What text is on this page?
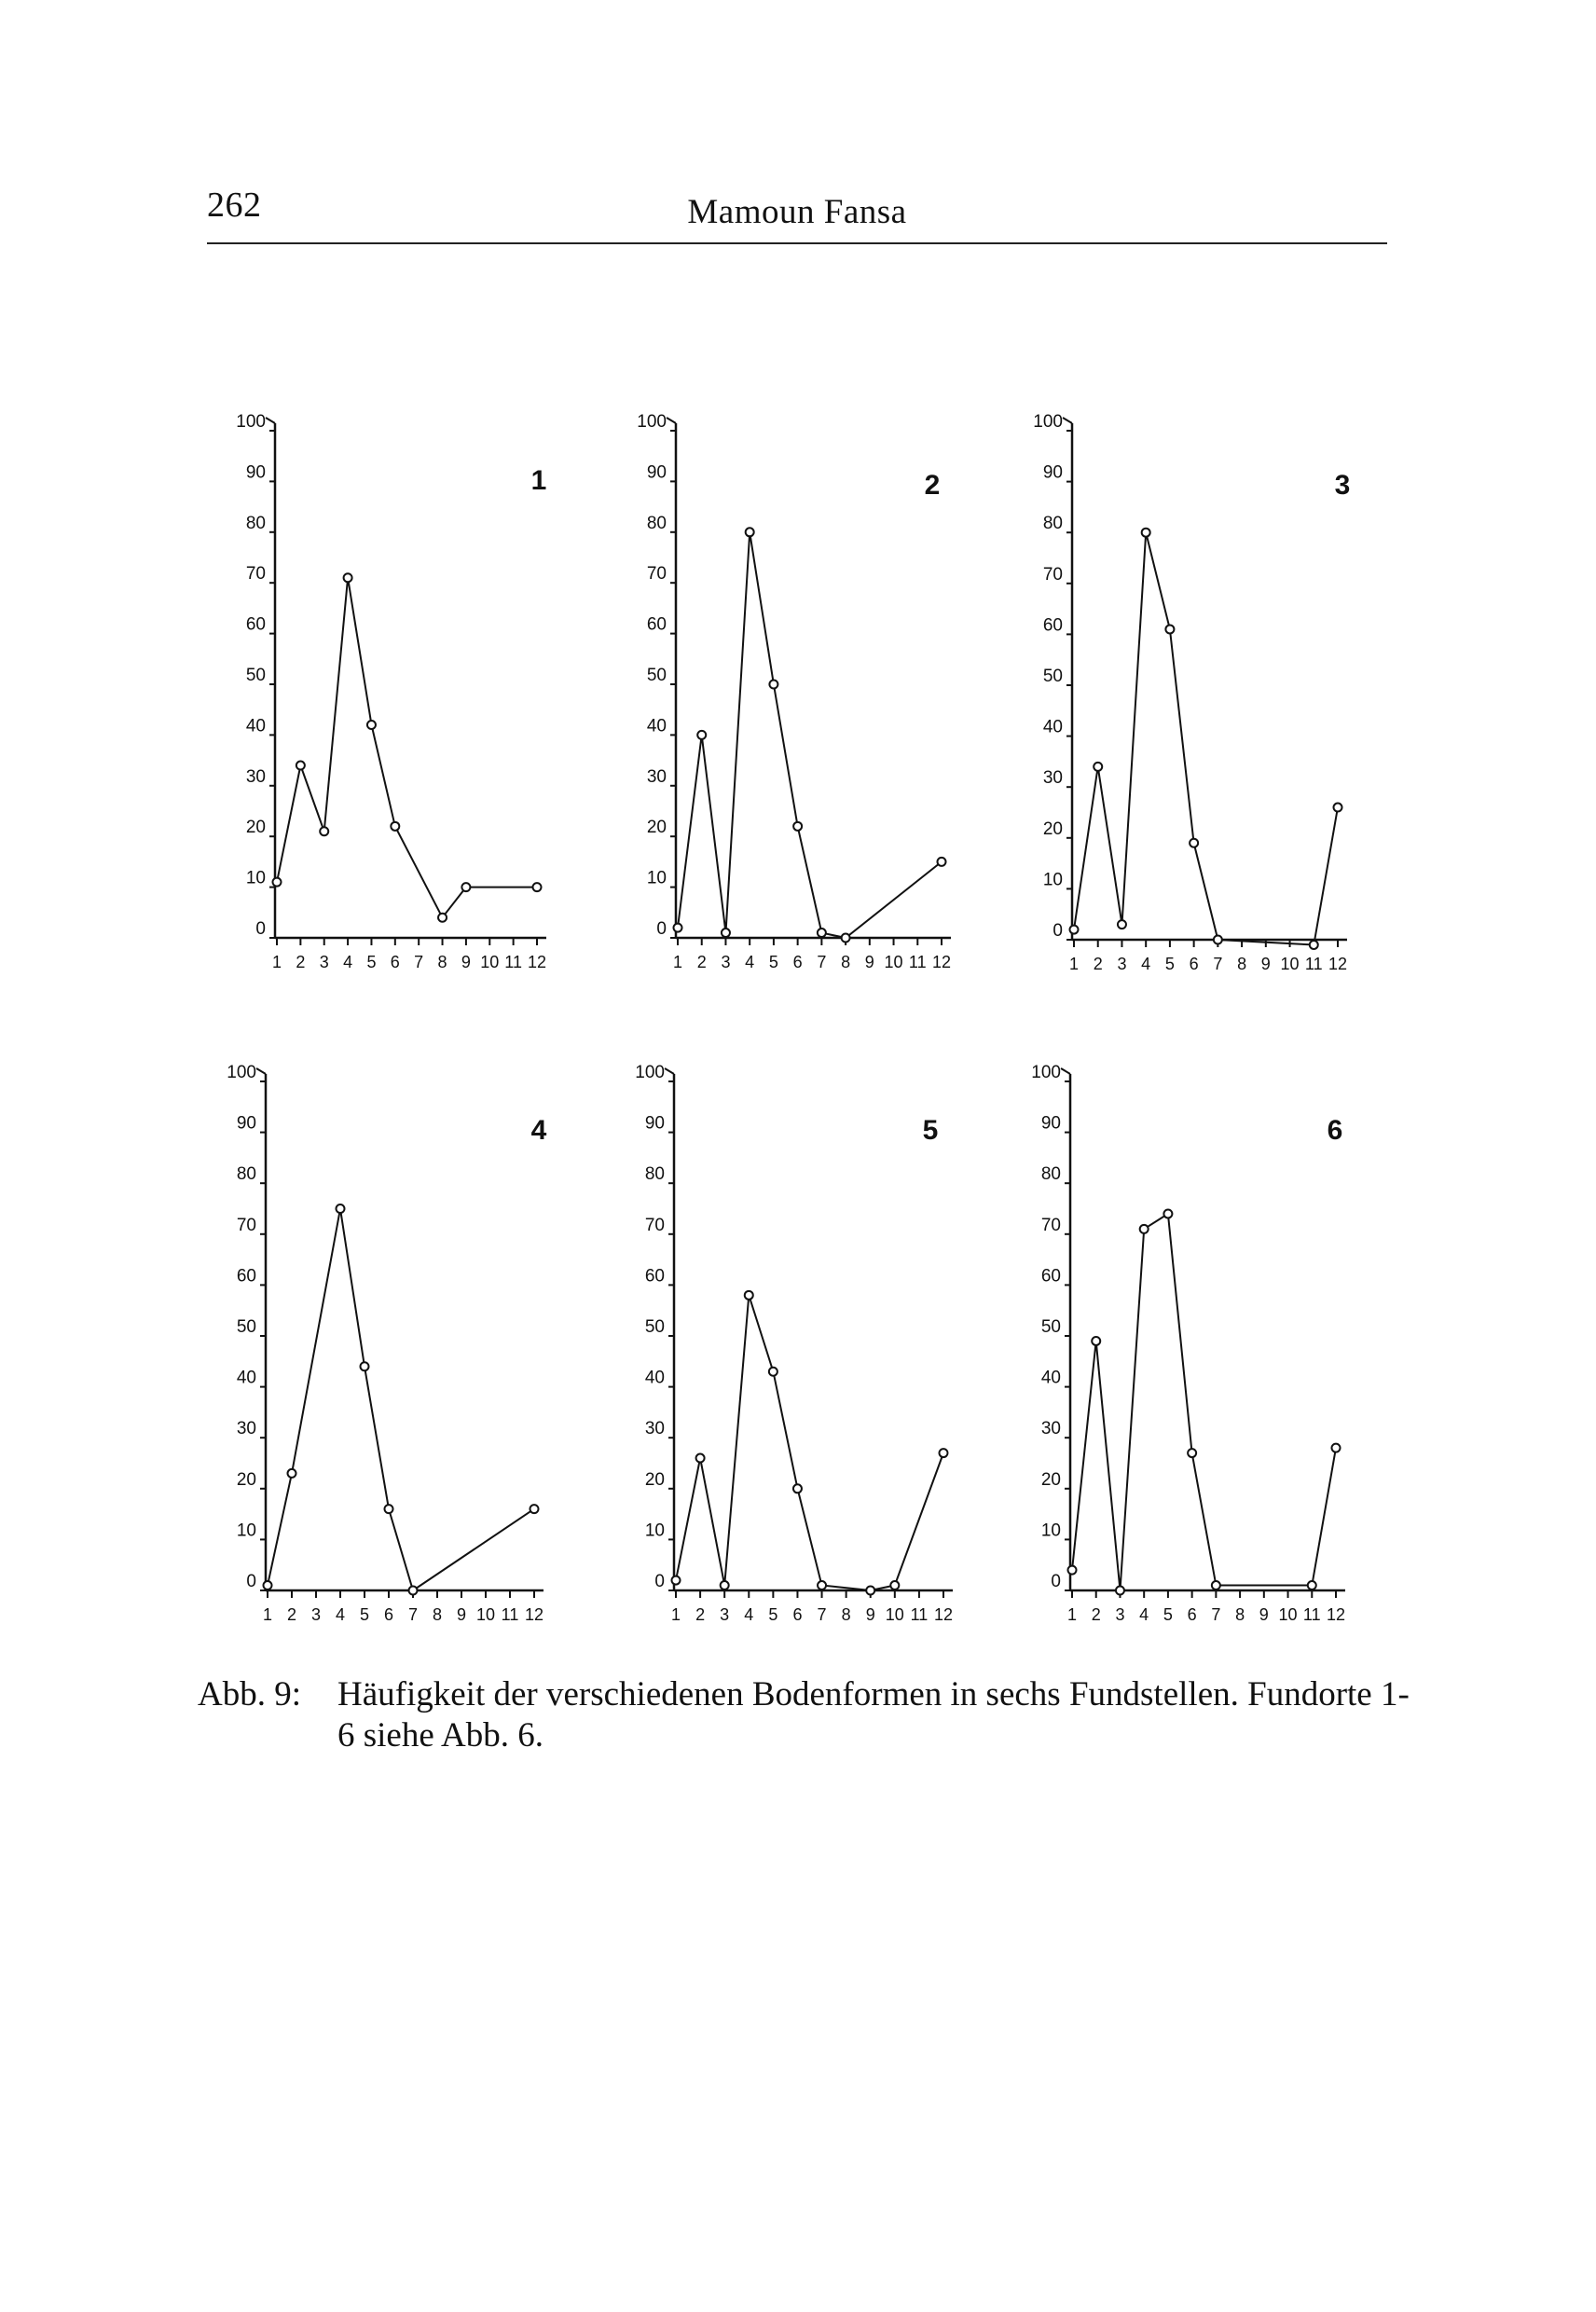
262	Mamoun Fansa
0
10
20
30
40
50
60
70
80
90
100
1 2 3 4 5 6 7 8 9 10 11 12
1
0
10
20
30
40
50
60
70
80
90
100
1 2 3 4 5 6 7 8 9 10 11 12
2
0
10
20
30
40
50
60
70
80
90
100
1 2 3 4 5 6 7 8 9 10 11 12
3
0
10
20
30
40
50
60
70
80
90
100
1 2 3 4 5 6 7 8 9 10 11 12
4
0
10
20
30
40
50
60
70
80
90
100
1 2 3 4 5 6 7 8 9 10 11 12
5
0
10
20
30
40
50
60
70
80
90
100
1 2 3 4 5 6 7 8 9 10 11 12
6
Abb. 9: Häufigkeit der verschiedenen Bodenformen in sechs Fundstellen. Fundorte 1-6 siehe Abb. 6.
